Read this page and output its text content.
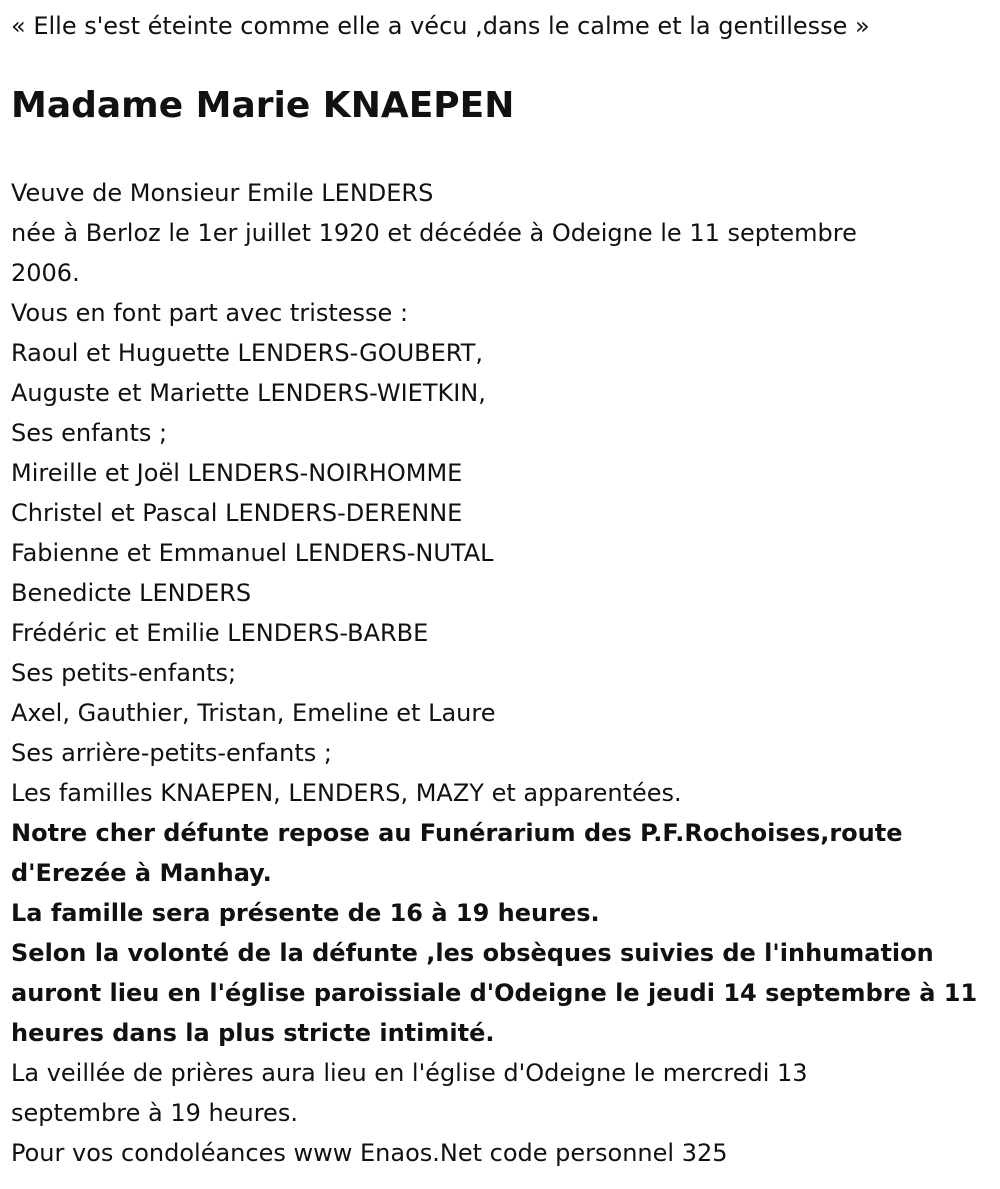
« Elle s'est éteinte comme elle a vécu ,dans le calme et la gentillesse »
Madame Marie KNAEPEN
Veuve de Monsieur Emile LENDERS
née à Berloz le 1er juillet 1920 et décédée à Odeigne le 11 septembre
2006.
Vous en font part avec tristesse :
Raoul et Huguette LENDERS-GOUBERT,
Auguste et Mariette LENDERS-WIETKIN,
Ses enfants ;
Mireille et Joël LENDERS-NOIRHOMME
Christel et Pascal LENDERS-DERENNE
Fabienne et Emmanuel LENDERS-NUTAL
Benedicte LENDERS
Frédéric et Emilie LENDERS-BARBE
Ses petits-enfants;
Axel, Gauthier, Tristan, Emeline et Laure
Ses arrière-petits-enfants ;
Les familles KNAEPEN, LENDERS, MAZY et apparentées.
Notre cher défunte repose au Funérarium des P.F.Rochoises,route
d'Erezée à Manhay.
La famille sera présente de 16 à 19 heures.
Selon la volonté de la défunte ,les obsèques suivies de l'inhumation
auront lieu en l'église paroissiale d'Odeigne le jeudi 14 septembre à 11
heures dans la plus stricte intimité.
La veillée de prières aura lieu en l'église d'Odeigne le mercredi 13
septembre à 19 heures.
Pour vos condoléances www Enaos.Net code personnel 325
